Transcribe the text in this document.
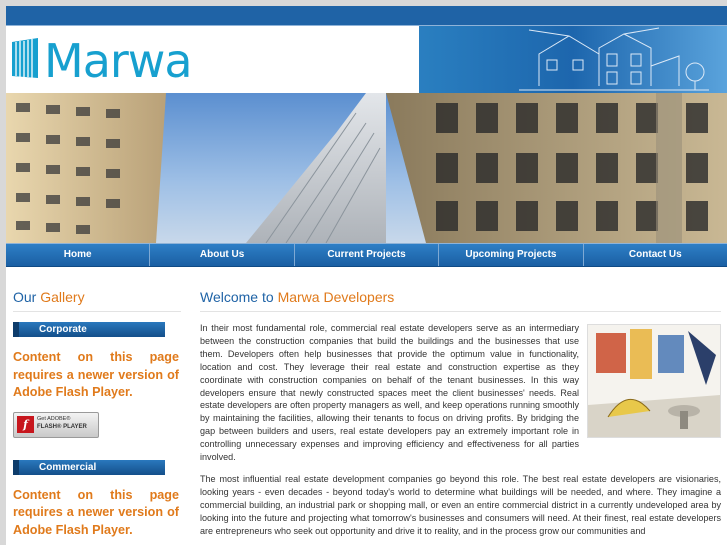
Marwa
Home	About Us	Current Projects	Upcoming Projects	Contact Us
Our Gallery
Corporate
Content on this page requires a newer version of Adobe Flash Player.
f	Get ADOBE®
FLASH® PLAYER
Commercial
Content on this page requires a newer version of Adobe Flash Player.
Welcome to Marwa Developers

In their most fundamental role, commercial real estate developers serve as an intermediary between the construction companies that build the buildings and the businesses that use them. Developers often help businesses that provide the optimum value in functionality, location and cost. They leverage their real estate and construction expertise as they coordinate with construction companies on behalf of the tenant businesses. In this way developers ensure that newly constructed spaces meet the client businesses' needs. Real estate developers are often property managers as well, and keep operations running smoothly by maintaining the facilities, allowing their tenants to focus on driving profits. By bridging the gap between builders and users, real estate developers pay an extremely important role in controlling unnecessary expenses and improving efficiency and effectiveness for all parties involved.

The most influential real estate development companies go beyond this role. The best real estate developers are visionaries, looking years - even decades - beyond today's world to determine what buildings will be needed, and where. They imagine a commercial building, an industrial park or shopping mall, or even an entire commercial district in a currently undeveloped area by looking into the future and projecting what tomorrow's businesses and consumers will need. At their finest, real estate developers are entrepreneurs who seek out opportunity and drive it to reality, and in the process grow our communities and
